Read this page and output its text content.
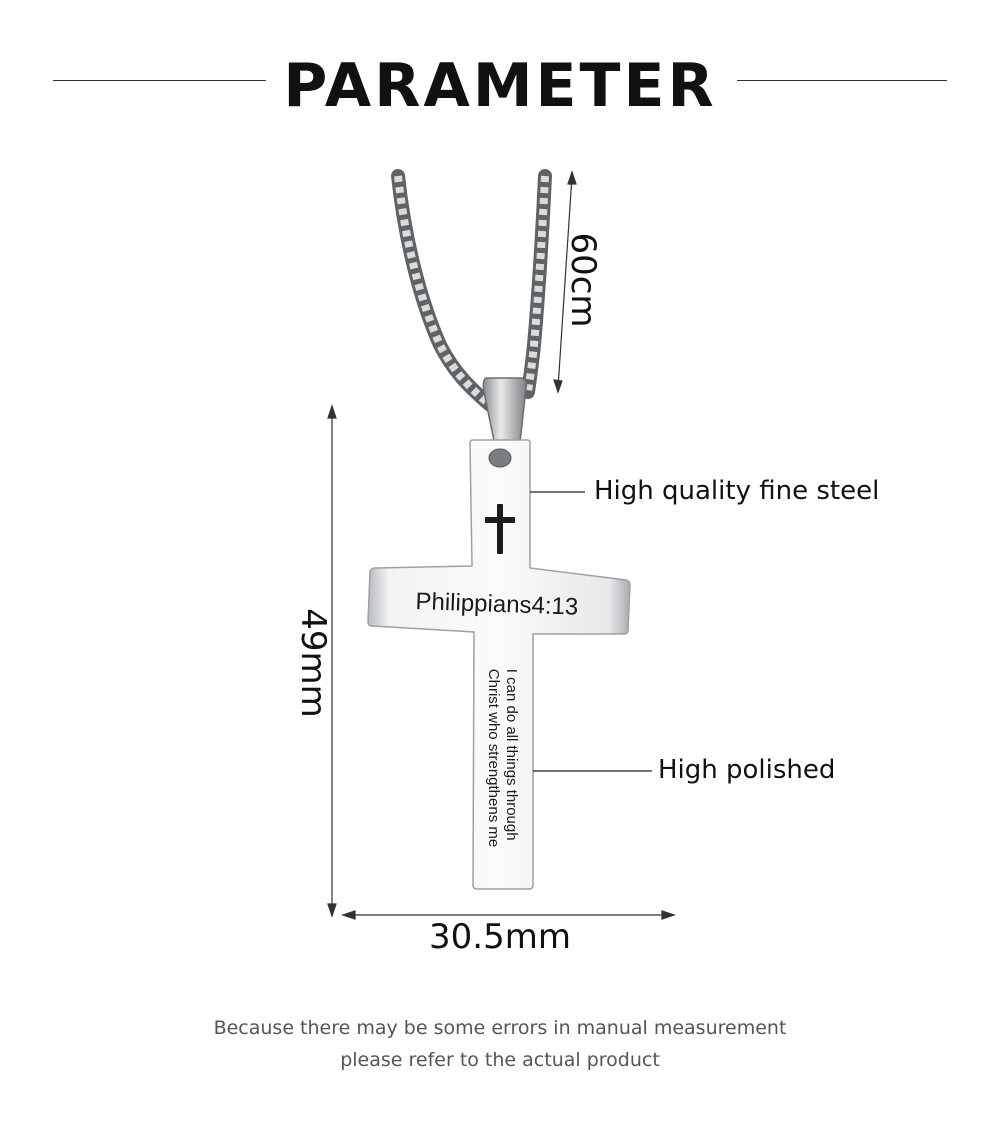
PARAMETER
Philippians4:13
I can do all things through
Christ who strengthens me
60cm
49mm
30.5mm
High quality fine steel
High polished
Because there may be some errors in manual measurement
please refer to the actual product
